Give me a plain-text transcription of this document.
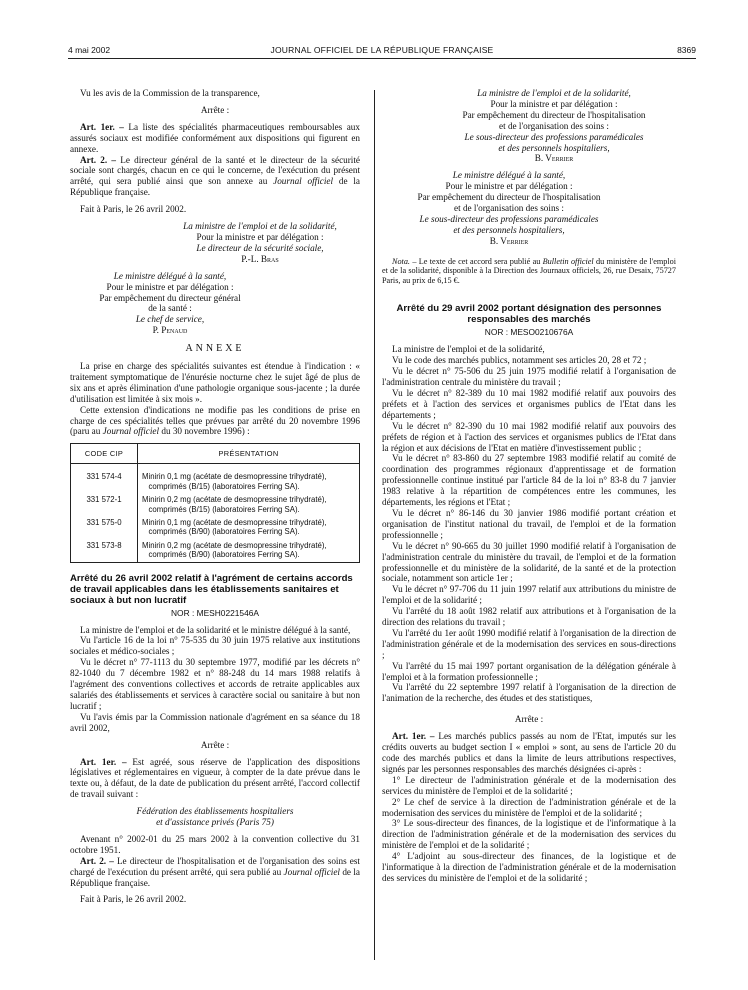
4 mai 2002	JOURNAL OFFICIEL DE LA RÉPUBLIQUE FRANÇAISE	8369

Vu les avis de la Commission de la transparence,

Arrête :

Art. 1er. – La liste des spécialités pharmaceutiques remboursables aux assurés sociaux est modifiée conformément aux dispositions qui figurent en annexe.

Art. 2. – Le directeur général de la santé et le directeur de la sécurité sociale sont chargés, chacun en ce qui le concerne, de l'exécution du présent arrêté, qui sera publié ainsi que son annexe au Journal officiel de la République française.

Fait à Paris, le 26 avril 2002.

La ministre de l'emploi et de la solidarité,
Pour la ministre et par délégation :
Le directeur de la sécurité sociale,
P.-L. Bras
Le ministre délégué à la santé,
Pour le ministre et par délégation :
Par empêchement du directeur général
de la santé :
Le chef de service,
P. Penaud
ANNEXE

La prise en charge des spécialités suivantes est étendue à l'indication : « traitement symptomatique de l'énurésie nocturne chez le sujet âgé de plus de six ans et après élimination d'une pathologie organique sous-jacente ; la durée d'utilisation est limitée à six mois ».

Cette extension d'indications ne modifie pas les conditions de prise en charge de ces spécialités telles que prévues par arrêté du 20 novembre 1996 (paru au Journal officiel du 30 novembre 1996) :

CODE CIP	PRÉSENTATION

331 574-4	Minirin 0,1 mg (acétate de desmopressine trihydraté),
comprimés (B/15) (laboratoires Ferring SA).
331 572-1	Minirin 0,2 mg (acétate de desmopressine trihydraté),
comprimés (B/15) (laboratoires Ferring SA).
331 575-0	Minirin 0,1 mg (acétate de desmopressine trihydraté),
comprimés (B/90) (laboratoires Ferring SA).
331 573-8	Minirin 0,2 mg (acétate de desmopressine trihydraté),
comprimés (B/90) (laboratoires Ferring SA).

Arrêté du 26 avril 2002 relatif à l'agrément de certains accords de travail applicables dans les établissements sanitaires et sociaux à but non lucratif

NOR : MESH0221546A

La ministre de l'emploi et de la solidarité et le ministre délégué à la santé,

Vu l'article 16 de la loi n° 75-535 du 30 juin 1975 relative aux institutions sociales et médico-sociales ;

Vu le décret n° 77-1113 du 30 septembre 1977, modifié par les décrets n° 82-1040 du 7 décembre 1982 et n° 88-248 du 14 mars 1988 relatifs à l'agrément des conventions collectives et accords de retraite applicables aux salariés des établissements et services à caractère social ou sanitaire à but non lucratif ;

Vu l'avis émis par la Commission nationale d'agrément en sa séance du 18 avril 2002,

Arrête :

Art. 1er. – Est agréé, sous réserve de l'application des dispositions législatives et réglementaires en vigueur, à compter de la date prévue dans le texte ou, à défaut, de la date de publication du présent arrêté, l'accord collectif de travail suivant :

Fédération des établissements hospitaliers
et d'assistance privés (Paris 75)

Avenant n° 2002-01 du 25 mars 2002 à la convention collective du 31 octobre 1951.

Art. 2. – Le directeur de l'hospitalisation et de l'organisation des soins est chargé de l'exécution du présent arrêté, qui sera publié au Journal officiel de la République française.

Fait à Paris, le 26 avril 2002.

La ministre de l'emploi et de la solidarité,
Pour la ministre et par délégation :
Par empêchement du directeur de l'hospitalisation
et de l'organisation des soins :
Le sous-directeur des professions paramédicales
et des personnels hospitaliers,
B. Verrier
Le ministre délégué à la santé,
Pour le ministre et par délégation :
Par empêchement du directeur de l'hospitalisation
et de l'organisation des soins :
Le sous-directeur des professions paramédicales
et des personnels hospitaliers,
B. Verrier

Nota. – Le texte de cet accord sera publié au Bulletin officiel du ministère de l'emploi et de la solidarité, disponible à la Direction des Journaux officiels, 26, rue Desaix, 75727 Paris, au prix de 6,15 €.

Arrêté du 29 avril 2002 portant désignation des personnes responsables des marchés

NOR : MESO0210676A

La ministre de l'emploi et de la solidarité,

Vu le code des marchés publics, notamment ses articles 20, 28 et 72 ;

Vu le décret n° 75-506 du 25 juin 1975 modifié relatif à l'organisation de l'administration centrale du ministère du travail ;

Vu le décret n° 82-389 du 10 mai 1982 modifié relatif aux pouvoirs des préfets et à l'action des services et organismes publics de l'Etat dans les départements ;

Vu le décret n° 82-390 du 10 mai 1982 modifié relatif aux pouvoirs des préfets de région et à l'action des services et organismes publics de l'Etat dans la région et aux décisions de l'Etat en matière d'investissement public ;

Vu le décret n° 83-860 du 27 septembre 1983 modifié relatif au comité de coordination des programmes régionaux d'apprentissage et de formation professionnelle continue institué par l'article 84 de la loi n° 83-8 du 7 janvier 1983 relative à la répartition de compétences entre les communes, les départements, les régions et l'Etat ;

Vu le décret n° 86-146 du 30 janvier 1986 modifié portant création et organisation de l'institut national du travail, de l'emploi et de la formation professionnelle ;

Vu le décret n° 90-665 du 30 juillet 1990 modifié relatif à l'organisation de l'administration centrale du ministère du travail, de l'emploi et de la formation professionnelle et du ministère de la solidarité, de la santé et de la protection sociale, notamment son article 1er ;

Vu le décret n° 97-706 du 11 juin 1997 relatif aux attributions du ministre de l'emploi et de la solidarité ;

Vu l'arrêté du 18 août 1982 relatif aux attributions et à l'organisation de la direction des relations du travail ;

Vu l'arrêté du 1er août 1990 modifié relatif à l'organisation de la direction de l'administration générale et de la modernisation des services en sous-directions ;

Vu l'arrêté du 15 mai 1997 portant organisation de la délégation générale à l'emploi et à la formation professionnelle ;

Vu l'arrêté du 22 septembre 1997 relatif à l'organisation de la direction de l'animation de la recherche, des études et des statistiques,

Arrête :

Art. 1er. – Les marchés publics passés au nom de l'Etat, imputés sur les crédits ouverts au budget section I « emploi » sont, au sens de l'article 20 du code des marchés publics et dans la limite de leurs attributions respectives, signés par les personnes responsables des marchés désignées ci-après :

1° Le directeur de l'administration générale et de la modernisation des services du ministère de l'emploi et de la solidarité ;

2° Le chef de service à la direction de l'administration générale et de la modernisation des services du ministère de l'emploi et de la solidarité ;

3° Le sous-directeur des finances, de la logistique et de l'informatique à la direction de l'administration générale et de la modernisation des services du ministère de l'emploi et de la solidarité ;

4° L'adjoint au sous-directeur des finances, de la logistique et de l'informatique à la direction de l'administration générale et de la modernisation des services du ministère de l'emploi et de la solidarité ;
